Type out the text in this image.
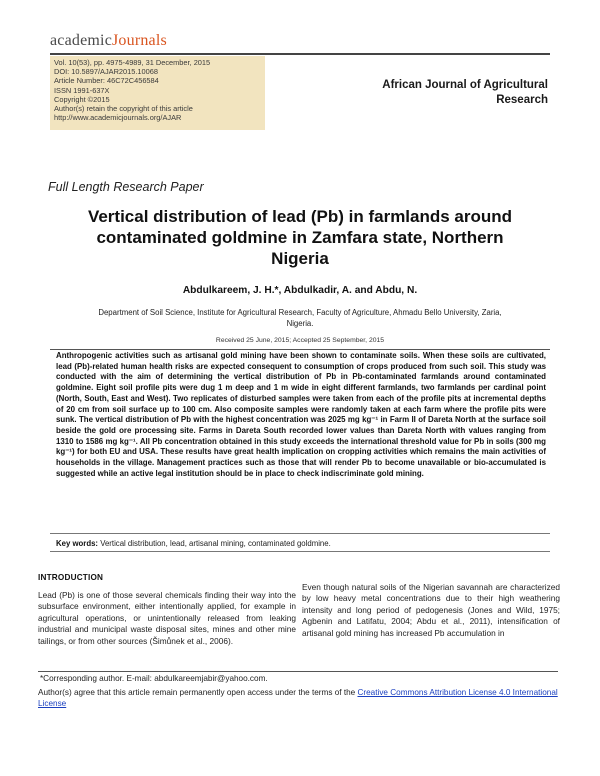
academicJournals
Vol. 10(53), pp. 4975-4989, 31 December, 2015
DOI: 10.5897/AJAR2015.10068
Article Number: 46C72C456584
ISSN 1991-637X
Copyright ©2015
Author(s) retain the copyright of this article
http://www.academicjournals.org/AJAR
African Journal of Agricultural
Research
Full Length Research Paper
Vertical distribution of lead (Pb) in farmlands around
contaminated goldmine in Zamfara state, Northern
Nigeria
Abdulkareem, J. H.*, Abdulkadir, A. and Abdu, N.
Department of Soil Science, Institute for Agricultural Research, Faculty of Agriculture, Ahmadu Bello University, Zaria,
Nigeria.
Received 25 June, 2015; Accepted 25 September, 2015
Anthropogenic activities such as artisanal gold mining have been shown to contaminate soils. When these soils are cultivated, lead (Pb)-related human health risks are expected consequent to consumption of crops produced from such soil. This study was conducted with the aim of determining the vertical distribution of Pb in Pb-contaminated farmlands around contaminated goldmine. Eight soil profile pits were dug 1 m deep and 1 m wide in eight different farmlands, two farmlands per cardinal point (North, South, East and West). Two replicates of disturbed samples were taken from each of the profile pits at incremental depths of 20 cm from soil surface up to 100 cm. Also composite samples were randomly taken at each farm where the profile pits were sunk. The vertical distribution of Pb with the highest concentration was 2025 mg kg⁻¹ in Farm II of Dareta North at the surface soil beside the gold ore processing site. Farms in Dareta South recorded lower values than Dareta North with values ranging from 1310 to 1586 mg kg⁻¹. All Pb concentration obtained in this study exceeds the international threshold value for Pb in soils (300 mg kg⁻¹) for both EU and USA. These results have great health implication on cropping activities which remains the main activities of households in the village. Management practices such as those that will render Pb to become unavailable or bio-accumulated is suggested while an active legal institution should be in place to check indiscriminate gold mining.
Key words: Vertical distribution, lead, artisanal mining, contaminated goldmine.
INTRODUCTION
Lead (Pb) is one of those several chemicals finding their way into the subsurface environment, either intentionally applied, for example in agricultural operations, or unintentionally released from leaking industrial and municipal waste disposal sites, mines and other mine tailings, or from other sources (Šimůnek et al., 2006).
Even though natural soils of the Nigerian savannah are characterized by low heavy metal concentrations due to their high weathering intensity and long period of pedogenesis (Jones and Wild, 1975; Agbenin and Latifatu, 2004; Abdu et al., 2011), intensification of artisanal gold mining has increased Pb accumulation in
*Corresponding author. E-mail: abdulkareemjabir@yahoo.com.
Author(s) agree that this article remain permanently open access under the terms of the Creative Commons Attribution License 4.0 International License
